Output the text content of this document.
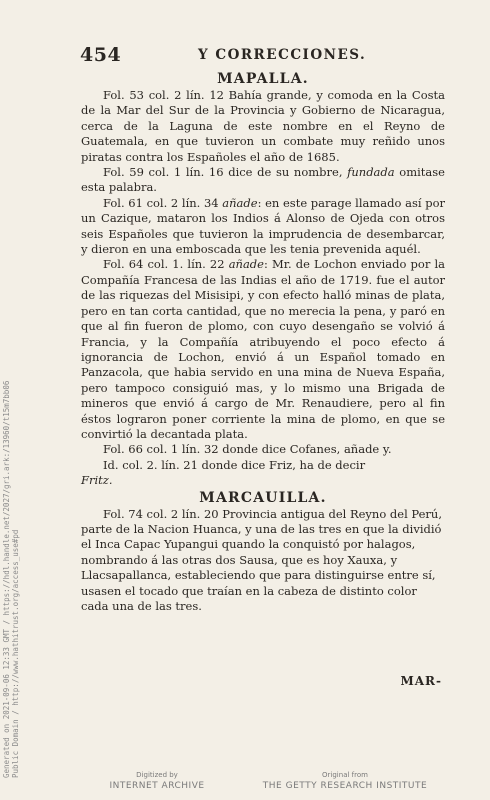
454	Y CORRECCIONES.
MAPALLA.

Fol. 53 col. 2 lín. 12 Bahía grande, y comoda en la Costa de la Mar del Sur de la Provincia y Gobierno de Nicaragua, cerca de la Laguna de este nombre en el Reyno de Guatemala, en que tuvieron un combate muy reñido unos piratas contra los Españoles el año de 1685.

Fol. 59 col. 1 lín. 16 dice de su nombre, fundada omitase esta palabra.

Fol. 61 col. 2 lín. 34 añade: en este parage llamado así por un Cazique, mataron los Indios á Alonso de Ojeda con otros seis Españoles que tuvieron la imprudencia de desembarcar, y dieron en una emboscada que les tenia prevenida aquél.

Fol. 64 col. 1. lín. 22 añade: Mr. de Lochon enviado por la Compañía Francesa de las Indias el año de 1719. fue el autor de las riquezas del Misisipi, y con efecto halló minas de plata, pero en tan corta cantidad, que no merecia la pena, y paró en que al fin fueron de plomo, con cuyo desengaño se volvió á Francia, y la Compañía atribuyendo el poco efecto á ignorancia de Lochon, envió á un Español tomado en Panzacola, que habia servido en una mina de Nueva España, pero tampoco consiguió mas, y lo mismo una Brigada de mineros que envió á cargo de Mr. Renaudiere, pero al fin éstos lograron poner corriente la mina de plomo, en que se convirtió la decantada plata.

Fol. 66 col. 1 lín. 32 donde dice Cofanes, añade y.

Id. col. 2. lín. 21 donde dice Friz, ha de decir

Fritz.

MARCAUILLA.

Fol. 74 col. 2 lín. 20 Provincia antigua del Reyno del Perú, parte de la Nacion Huanca, y una de las tres en que la dividió el Inca Capac Yupangui quando la conquistó por halagos, nombrando á las otras dos Sausa, que es hoy Xauxa, y Llacsapallanca, estableciendo que para distinguirse entre sí, usasen el tocado que traían en la cabeza de distinto color cada una de las tres.

MAR-
Generated on 2021-09-06 12:33 GMT / https://hdl.handle.net/2027/gri.ark:/13960/t15m7bb06 Public Domain / http://www.hathitrust.org/access_use#pd	Digitized by
INTERNET ARCHIVE
Original from
THE GETTY RESEARCH INSTITUTE
